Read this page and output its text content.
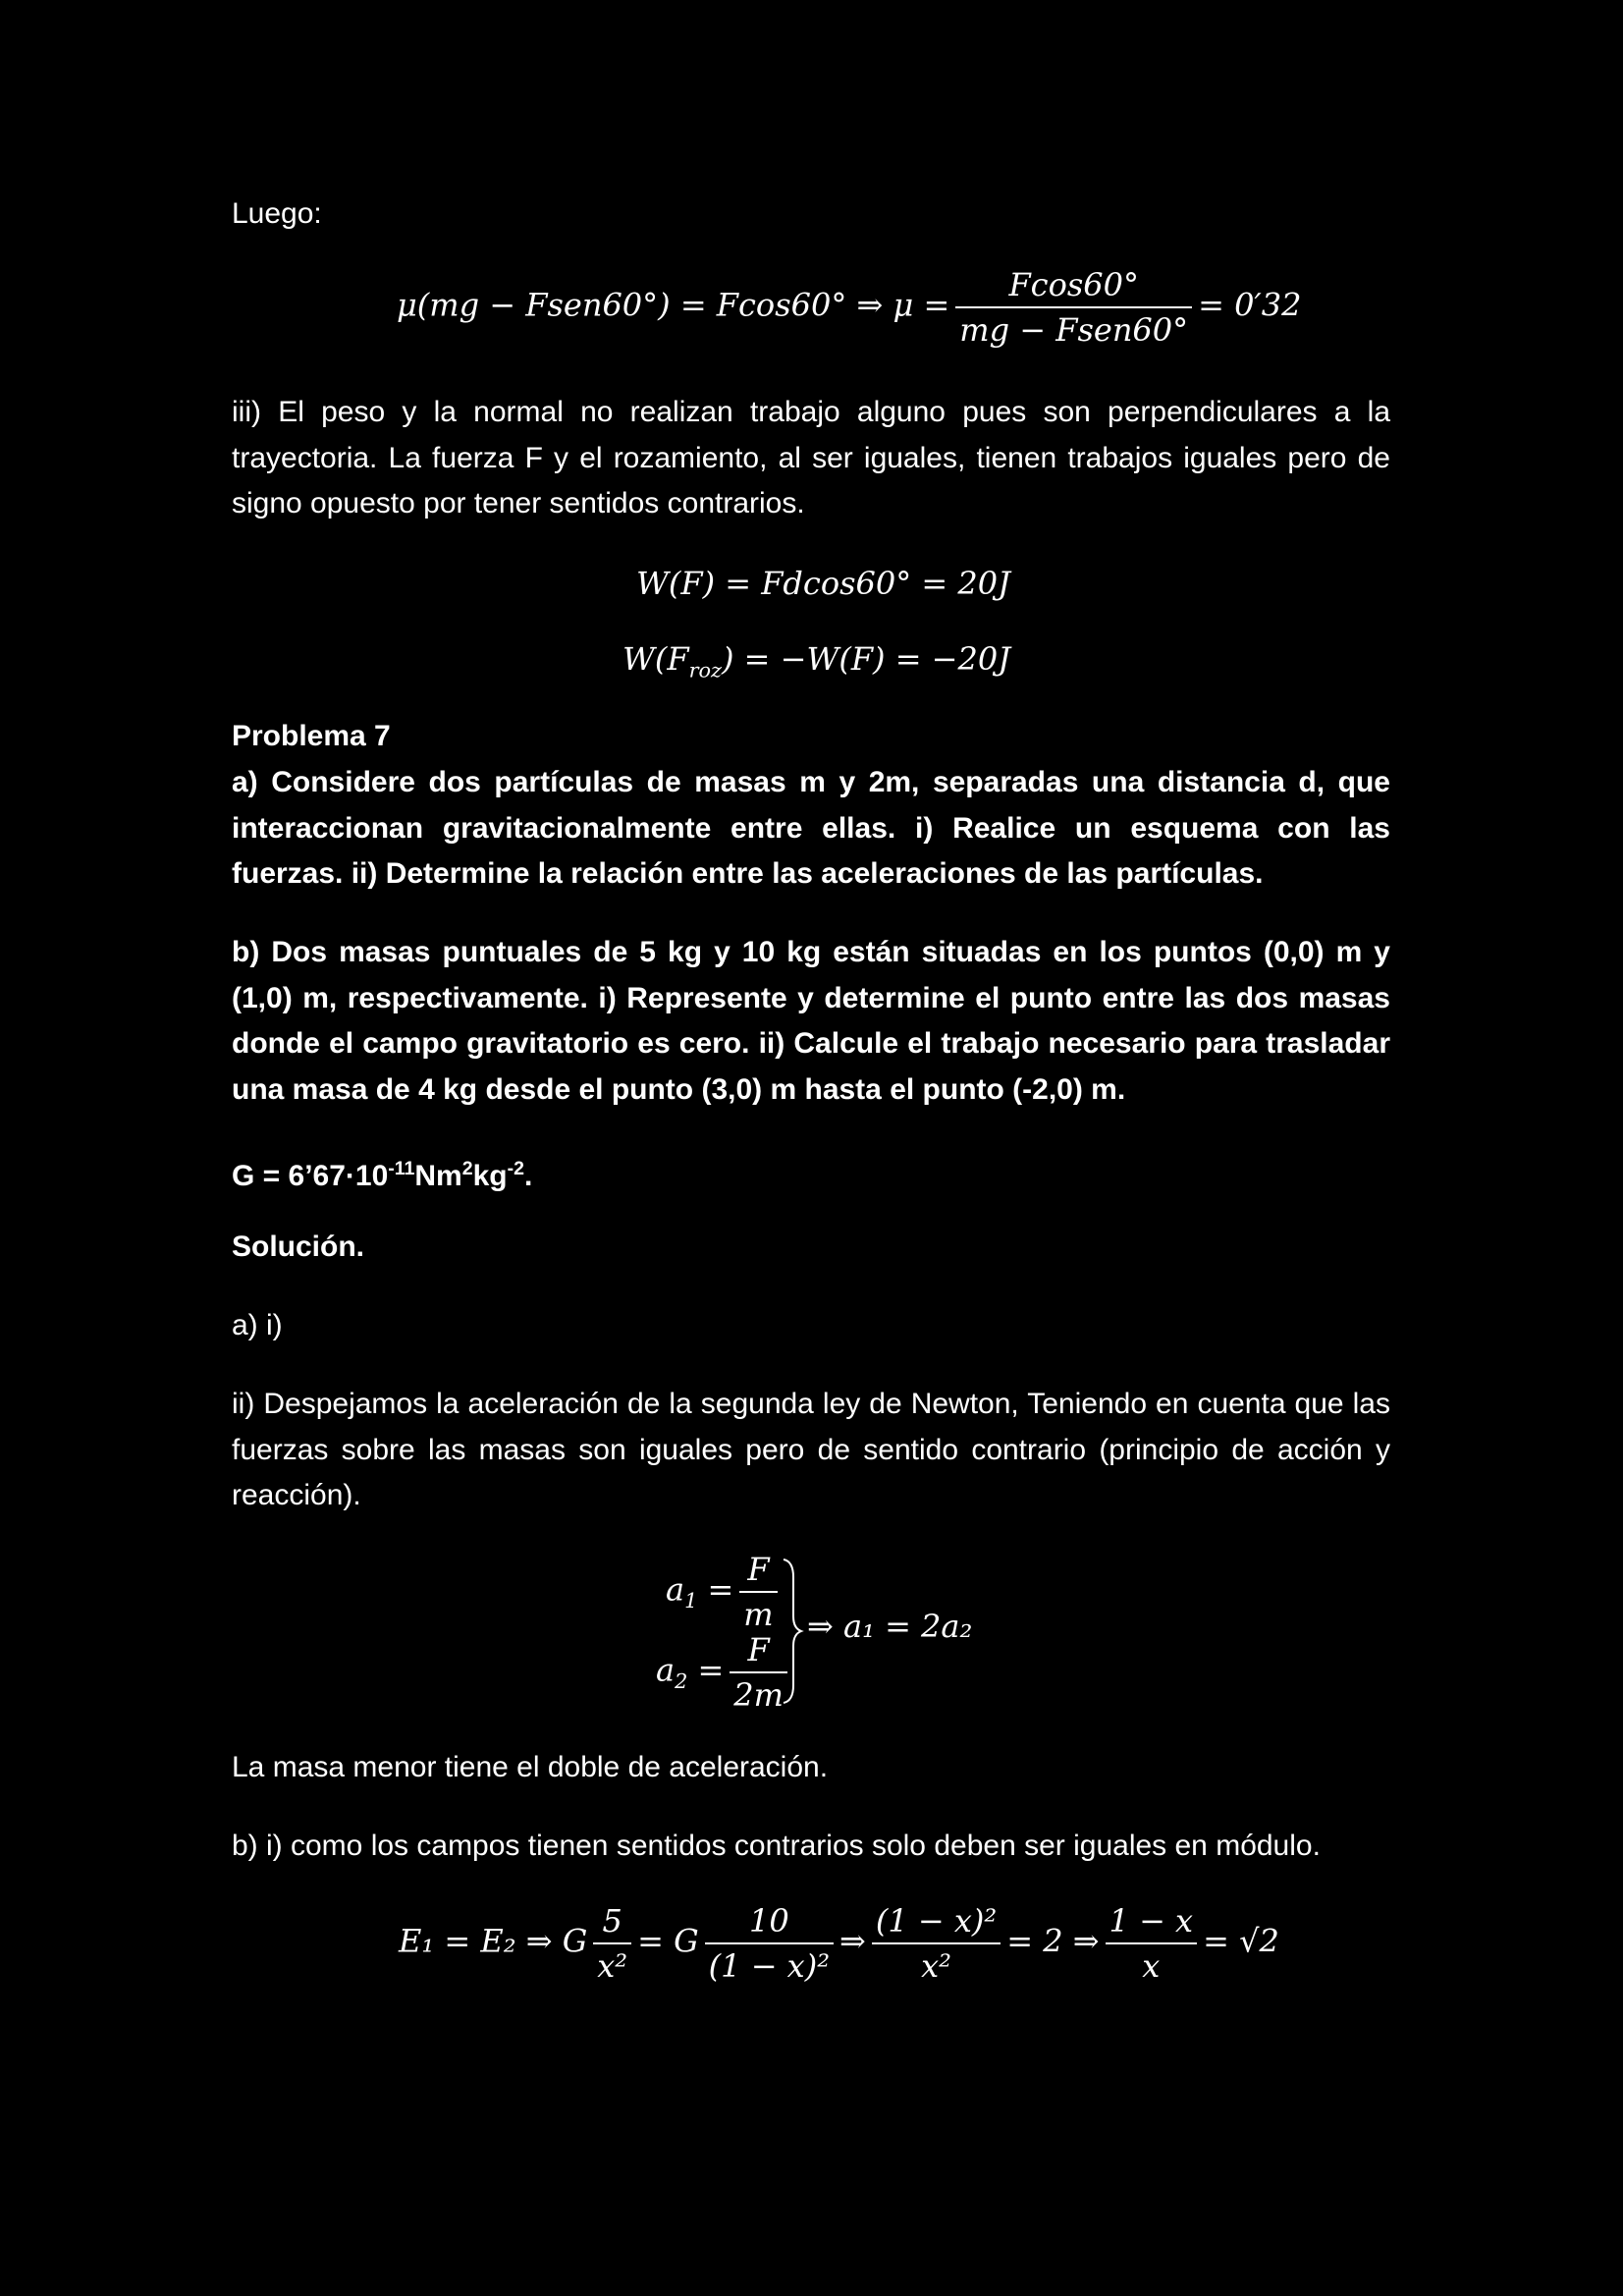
Luego:

μ(mg − Fsen60°) = Fcos60° ⇒ $\mu = \frac{Fcos60^\circ}{\text{mg − Fsen60°}} = 0'32$

iii) El peso y la normal no realizan trabajo alguno pues son perpendiculares a la trayectoria. La fuerza F y el rozamiento, al ser iguales, tienen trabajos iguales pero de signo opuesto por tener sentidos contrarios.

W(F) = Fdcos60° = 20J
$W(F_{roz}) = -W(F) = -20J$

Problema 7

a) Considere dos partículas de masas m y 2m, separadas una distancia d, que interaccionan gravitacionalmente entre ellas. i) Realice un esquema con las fuerzas. ii) Determine la relación entre las aceleraciones de las partículas.

b) Dos masas puntuales de 5 kg y 10 kg están situadas en los puntos (0,0) m y (1,0) m, respectivamente. i) Represente y determine el punto entre las dos masas donde el campo gravitatorio es cero. ii) Calcule el trabajo necesario para trasladar una masa de 4 kg desde el punto (3,0) m hasta el punto (-2,0) m.

$G = 6’67\cdot 10^{-11}Nm^2kg^{-2}$.

Solución.

a) i)

ii) Despejamos la aceleración de la segunda ley de Newton, Teniendo en cuenta que las fuerzas sobre las masas son iguales pero de sentido contrario (principio de acción y reacción).

$a_1 = \frac{F}{m}$
$a_2 = \frac{F}{2m}$
⇒ a₁ = 2a₂

La masa menor tiene el doble de aceleración.

b) i) como los campos tienen sentidos contrarios solo deben ser iguales en módulo.

E₁ = E₂ ⇒ G $\frac{5}{\text{x²}} = G \frac{10}{\text{(1 − x)²}}$ ⇒ $\frac{\text{(1 − x)²}}{\text{x²}} = 2$ ⇒ $\frac{1 - x}{x} = √2$
